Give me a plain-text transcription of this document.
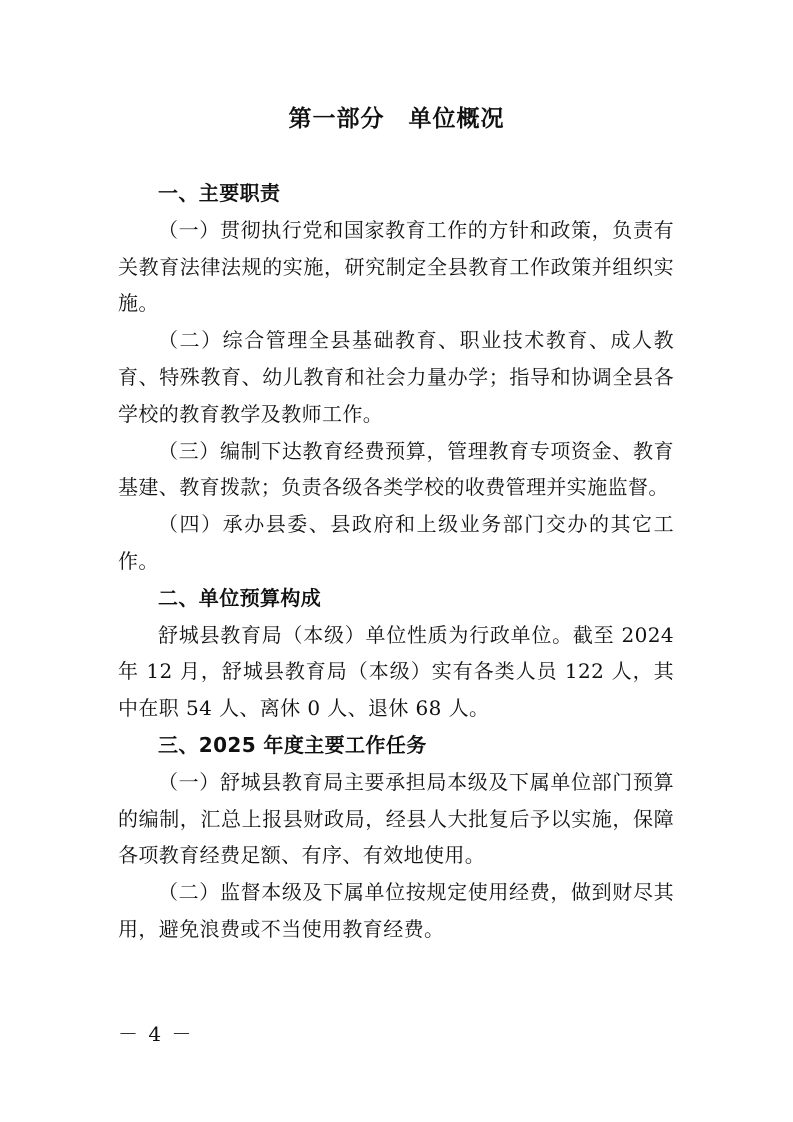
第一部分　单位概况
一、主要职责

（一）贯彻执行党和国家教育工作的方针和政策，负责有关教育法律法规的实施，研究制定全县教育工作政策并组织实施。

（二）综合管理全县基础教育、职业技术教育、成人教育、特殊教育、幼儿教育和社会力量办学；指导和协调全县各学校的教育教学及教师工作。

（三）编制下达教育经费预算，管理教育专项资金、教育基建、教育拨款；负责各级各类学校的收费管理并实施监督。

（四）承办县委、县政府和上级业务部门交办的其它工作。

二、单位预算构成

舒城县教育局（本级）单位性质为行政单位。截至 2024 年 12 月，舒城县教育局（本级）实有各类人员 122 人，其中在职 54 人、离休 0 人、退休 68 人。

三、2025 年度主要工作任务

（一）舒城县教育局主要承担局本级及下属单位部门预算的编制，汇总上报县财政局，经县人大批复后予以实施，保障各项教育经费足额、有序、有效地使用。

（二）监督本级及下属单位按规定使用经费，做到财尽其用，避免浪费或不当使用教育经费。

－ 4 －
